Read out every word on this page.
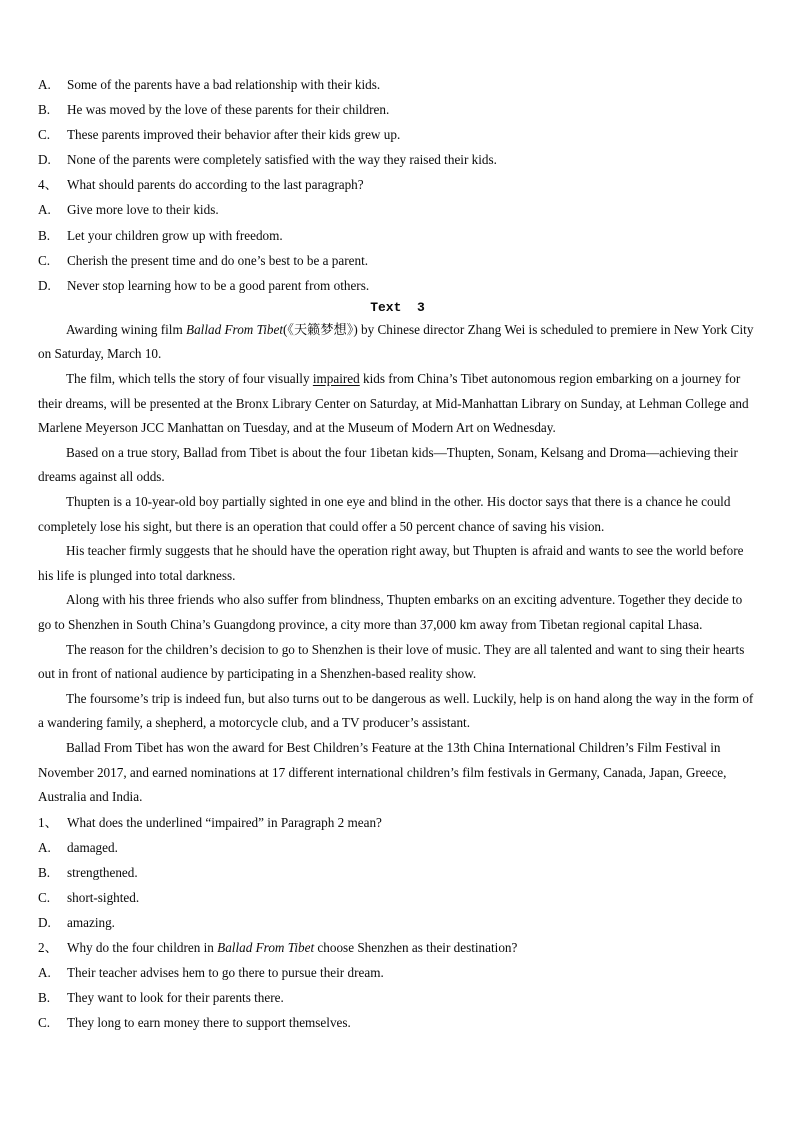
A. Some of the parents have a bad relationship with their kids.
B. He was moved by the love of these parents for their children.
C. These parents improved their behavior after their kids grew up.
D. None of the parents were completely satisfied with the way they raised their kids.
4、 What should parents do according to the last paragraph?
A. Give more love to their kids.
B. Let your children grow up with freedom.
C. Cherish the present time and do one’s best to be a parent.
D. Never stop learning how to be a good parent from others.
Text  3

Awarding wining film Ballad From Tibet(《天籁梦想》) by Chinese director Zhang Wei is scheduled to premiere in New York City on Saturday, March 10.

The film, which tells the story of four visually impaired kids from China’s Tibet autonomous region embarking on a journey for their dreams, will be presented at the Bronx Library Center on Saturday, at Mid-Manhattan Library on Sunday, at Lehman College and Marlene Meyerson JCC Manhattan on Tuesday, and at the Museum of Modern Art on Wednesday.

Based on a true story, Ballad from Tibet is about the four 1ibetan kids—Thupten, Sonam, Kelsang and Droma—achieving their dreams against all odds.

Thupten is a 10-year-old boy partially sighted in one eye and blind in the other. His doctor says that there is a chance he could completely lose his sight, but there is an operation that could offer a 50 percent chance of saving his vision.

His teacher firmly suggests that he should have the operation right away, but Thupten is afraid and wants to see the world before his life is plunged into total darkness.

Along with his three friends who also suffer from blindness, Thupten embarks on an exciting adventure. Together they decide to go to Shenzhen in South China’s Guangdong province, a city more than 37,000 km away from Tibetan regional capital Lhasa.

The reason for the children’s decision to go to Shenzhen is their love of music. They are all talented and want to sing their hearts out in front of national audience by participating in a Shenzhen-based reality show.

The foursome’s trip is indeed fun, but also turns out to be dangerous as well. Luckily, help is on hand along the way in the form of a wandering family, a shepherd, a motorcycle club, and a TV producer’s assistant.

Ballad From Tibet has won the award for Best Children’s Feature at the 13th China International Children’s Film Festival in November 2017, and earned nominations at 17 different international children’s film festivals in Germany, Canada, Japan, Greece, Australia and India.

1、 What does the underlined “impaired” in Paragraph 2 mean?
A. damaged.
B. strengthened.
C. short-sighted.
D. amazing.
2、 Why do the four children in Ballad From Tibet choose Shenzhen as their destination?
A. Their teacher advises hem to go there to pursue their dream.
B. They want to look for their parents there.
C. They long to earn money there to support themselves.
